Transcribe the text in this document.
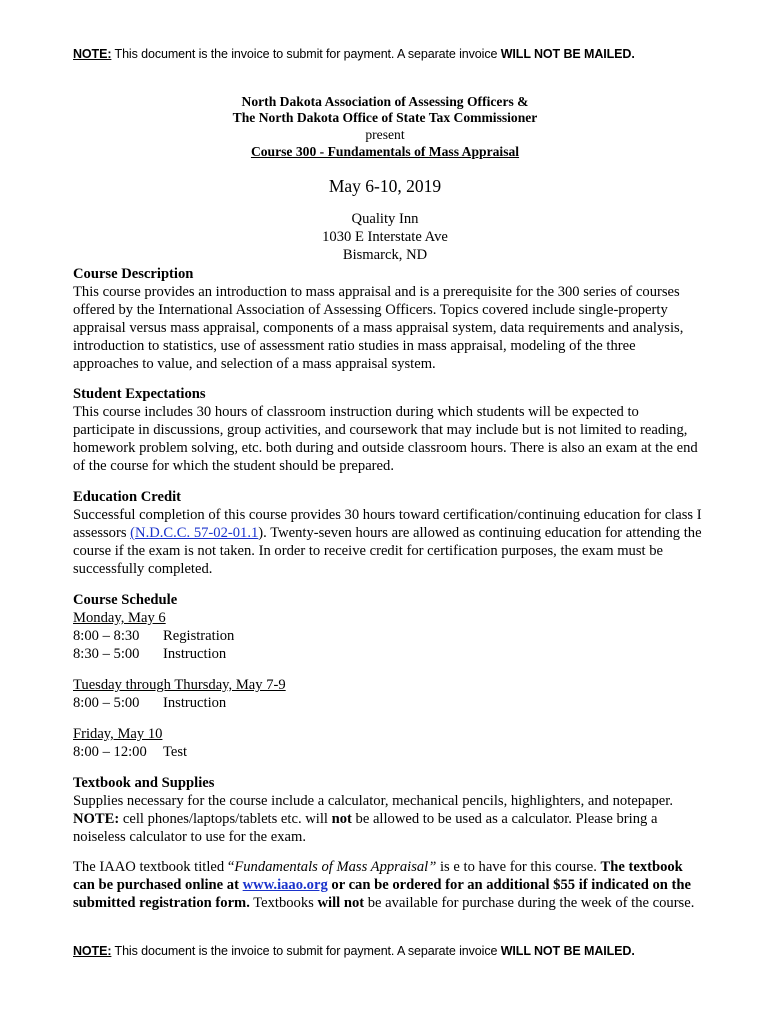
NOTE: This document is the invoice to submit for payment. A separate invoice WILL NOT BE MAILED.
North Dakota Association of Assessing Officers &
The North Dakota Office of State Tax Commissioner
present
Course 300 - Fundamentals of Mass Appraisal
May 6-10, 2019
Quality Inn
1030 E Interstate Ave
Bismarck, ND
Course Description
This course provides an introduction to mass appraisal and is a prerequisite for the 300 series of courses offered by the International Association of Assessing Officers. Topics covered include single-property appraisal versus mass appraisal, components of a mass appraisal system, data requirements and analysis, introduction to statistics, use of assessment ratio studies in mass appraisal, modeling of the three approaches to value, and selection of a mass appraisal system.
Student Expectations
This course includes 30 hours of classroom instruction during which students will be expected to participate in discussions, group activities, and coursework that may include but is not limited to reading, homework problem solving, etc. both during and outside classroom hours. There is also an exam at the end of the course for which the student should be prepared.
Education Credit
Successful completion of this course provides 30 hours toward certification/continuing education for class I assessors (N.D.C.C. 57-02-01.1). Twenty-seven hours are allowed as continuing education for attending the course if the exam is not taken. In order to receive credit for certification purposes, the exam must be successfully completed.
Course Schedule
Monday, May 6
8:00 – 8:30 Registration
8:30 – 5:00 Instruction
Tuesday through Thursday, May 7-9
8:00 – 5:00 Instruction
Friday, May 10
8:00 – 12:00 Test
Textbook and Supplies
Supplies necessary for the course include a calculator, mechanical pencils, highlighters, and notepaper.
NOTE: cell phones/laptops/tablets etc. will not be allowed to be used as a calculator. Please bring a noiseless calculator to use for the exam.
The IAAO textbook titled “Fundamentals of Mass Appraisal” is e to have for this course. The textbook can be purchased online at www.iaao.org or can be ordered for an additional $55 if indicated on the submitted registration form. Textbooks will not be available for purchase during the week of the course.
NOTE: This document is the invoice to submit for payment. A separate invoice WILL NOT BE MAILED.
